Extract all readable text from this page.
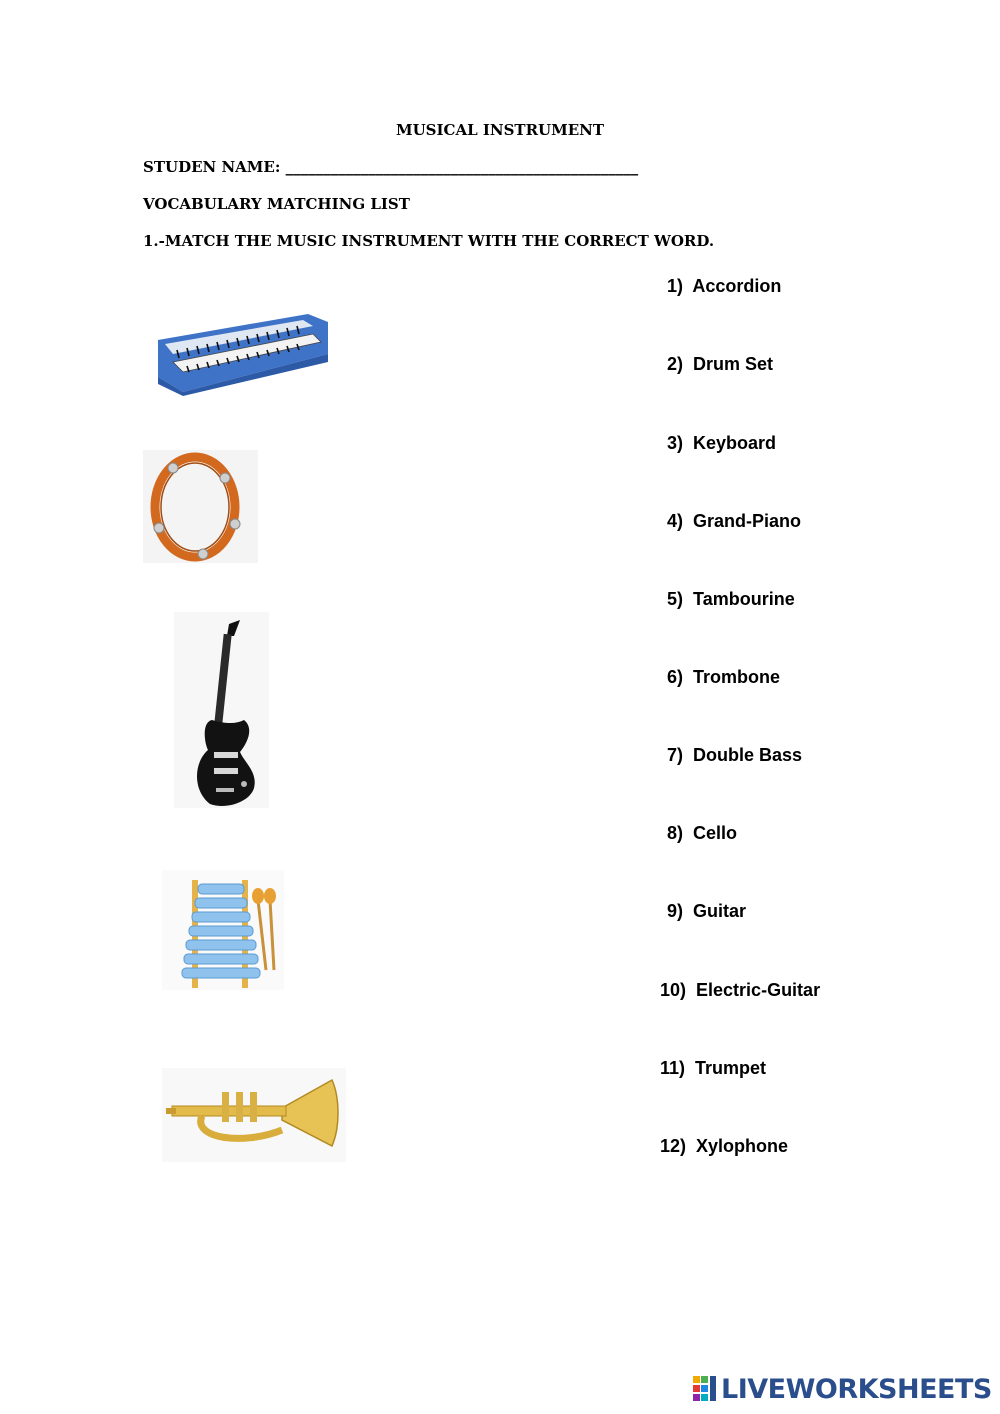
MUSICAL INSTRUMENT
STUDEN NAME: _______________________________________________
VOCABULARY MATCHING LIST
1.-MATCH THE MUSIC INSTRUMENT WITH THE CORRECT WORD.
1) Accordion
2) Drum Set
3) Keyboard
4) Grand-Piano
5) Tambourine
6) Trombone
7) Double Bass
8) Cello
9) Guitar
10) Electric-Guitar
11) Trumpet
12) Xylophone
LIVEWORKSHEETS
